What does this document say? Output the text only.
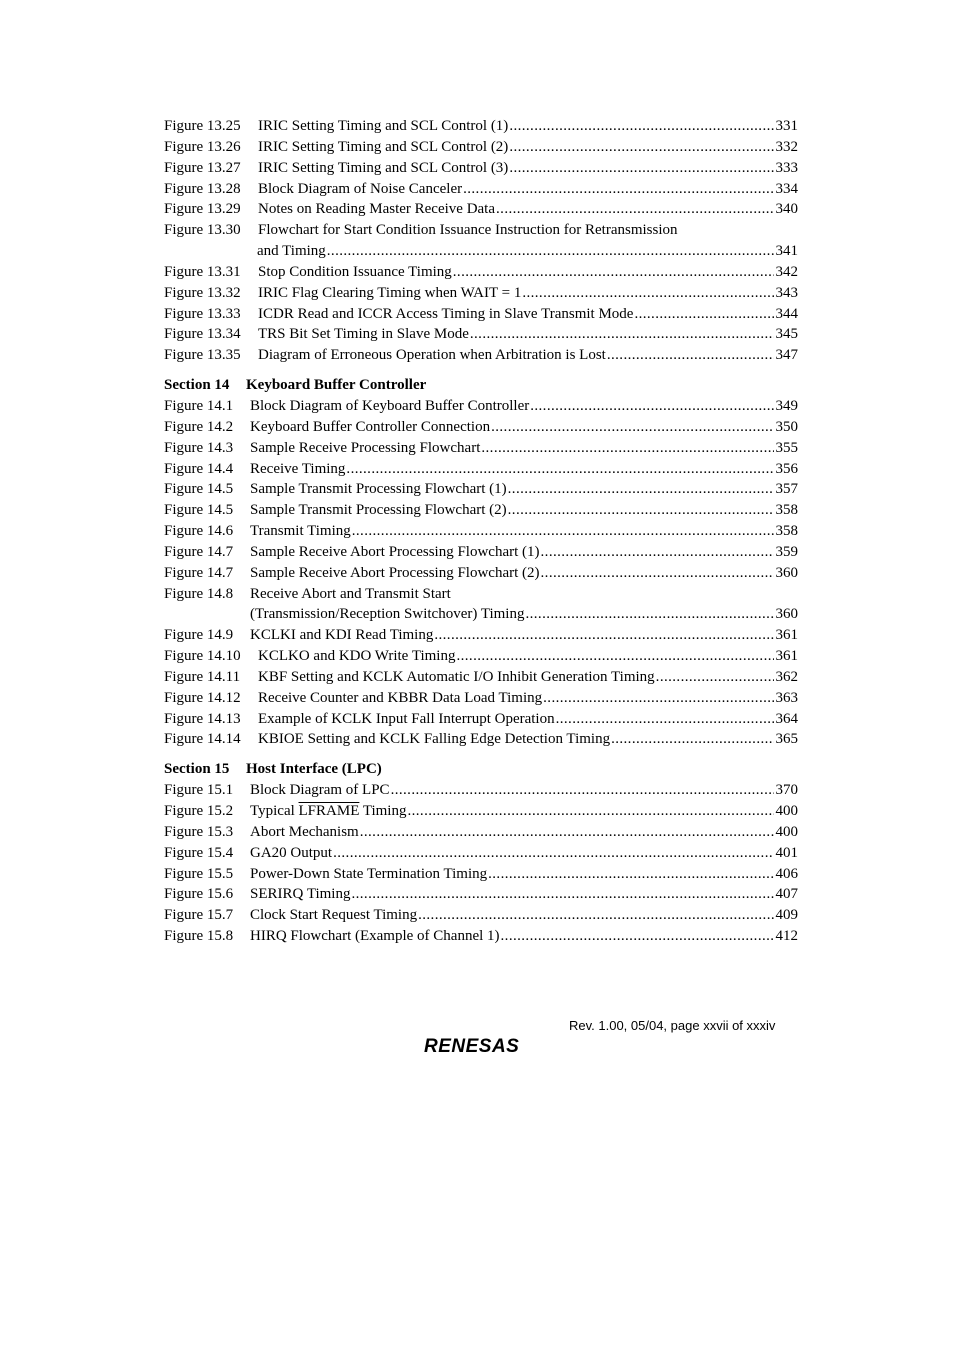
Figure 13.25 IRIC Setting Timing and SCL Control (1) .....	331
Figure 13.26 IRIC Setting Timing and SCL Control (2) .....	332
Figure 13.27 IRIC Setting Timing and SCL Control (3) .....	333
Figure 13.28 Block Diagram of Noise Canceler .....	334
Figure 13.29 Notes on Reading Master Receive Data .....	340
Figure 13.30 Flowchart for Start Condition Issuance Instruction for Retransmission
and Timing .....	341
Figure 13.31 Stop Condition Issuance Timing .....	342
Figure 13.32 IRIC Flag Clearing Timing when WAIT = 1 .....	343
Figure 13.33 ICDR Read and ICCR Access Timing in Slave Transmit Mode .....	344
Figure 13.34 TRS Bit Set Timing in Slave Mode .....	345
Figure 13.35 Diagram of Erroneous Operation when Arbitration is Lost .....	347
Section 14 Keyboard Buffer Controller
Figure 14.1 Block Diagram of Keyboard Buffer Controller .....	349
Figure 14.2 Keyboard Buffer Controller Connection .....	350
Figure 14.3 Sample Receive Processing Flowchart .....	355
Figure 14.4 Receive Timing .....	356
Figure 14.5 Sample Transmit Processing Flowchart (1) .....	357
Figure 14.5 Sample Transmit Processing Flowchart (2) .....	358
Figure 14.6 Transmit Timing .....	358
Figure 14.7 Sample Receive Abort Processing Flowchart (1) .....	359
Figure 14.7 Sample Receive Abort Processing Flowchart (2) .....	360
Figure 14.8 Receive Abort and Transmit Start
(Transmission/Reception Switchover) Timing .....	360
Figure 14.9 KCLKI and KDI Read Timing .....	361
Figure 14.10 KCLKO and KDO Write Timing .....	361
Figure 14.11 KBF Setting and KCLK Automatic I/O Inhibit Generation Timing .....	362
Figure 14.12 Receive Counter and KBBR Data Load Timing .....	363
Figure 14.13 Example of KCLK Input Fall Interrupt Operation .....	364
Figure 14.14 KBIOE Setting and KCLK Falling Edge Detection Timing .....	365
Section 15 Host Interface (LPC)
Figure 15.1 Block Diagram of LPC .....	370
Figure 15.2 Typical LFRAME Timing .....	400
Figure 15.3 Abort Mechanism .....	400
Figure 15.4 GA20 Output .....	401
Figure 15.5 Power-Down State Termination Timing .....	406
Figure 15.6 SERIRQ Timing .....	407
Figure 15.7 Clock Start Request Timing .....	409
Figure 15.8 HIRQ Flowchart (Example of Channel 1) .....	412
Rev. 1.00, 05/04, page xxvii of xxxiv
RENESAS
